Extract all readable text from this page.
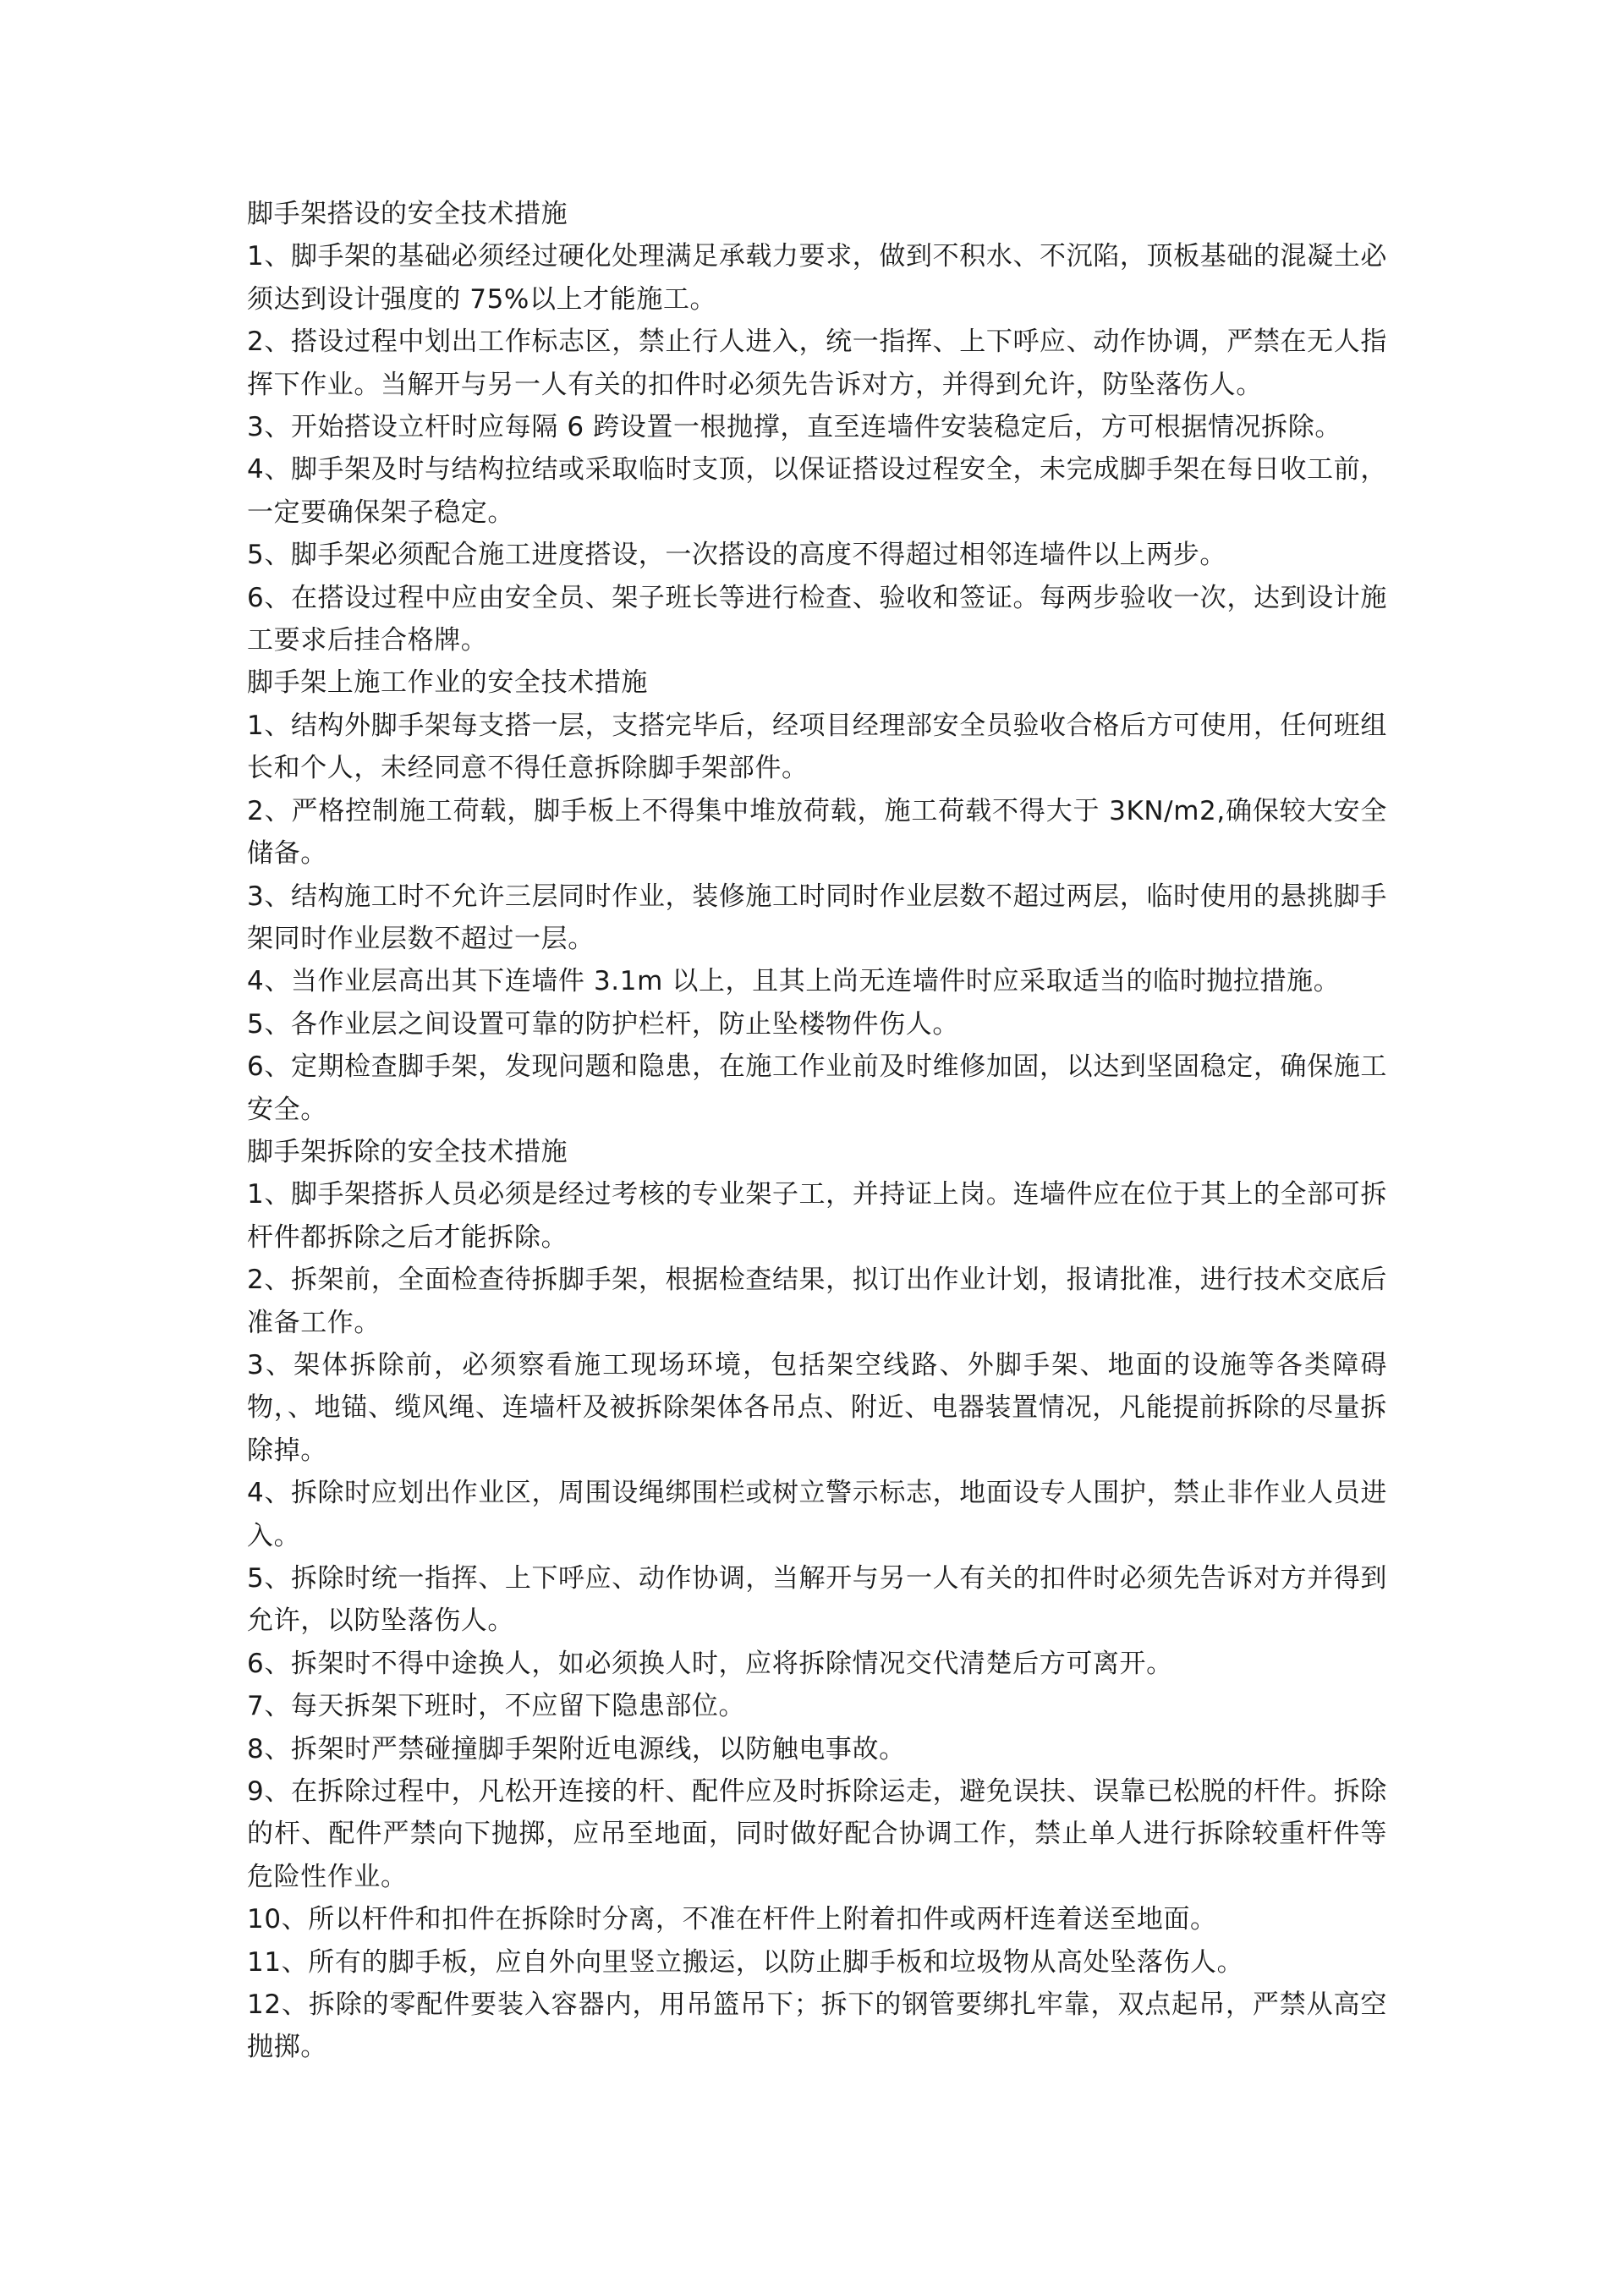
脚手架搭设的安全技术措施

1、脚手架的基础必须经过硬化处理满足承载力要求，做到不积水、不沉陷，顶板基础的混凝土必须达到设计强度的 75%以上才能施工。

2、搭设过程中划出工作标志区，禁止行人进入，统一指挥、上下呼应、动作协调，严禁在无人指挥下作业。当解开与另一人有关的扣件时必须先告诉对方，并得到允许，防坠落伤人。

3、开始搭设立杆时应每隔 6 跨设置一根抛撑，直至连墙件安装稳定后，方可根据情况拆除。

4、脚手架及时与结构拉结或采取临时支顶，以保证搭设过程安全，未完成脚手架在每日收工前，一定要确保架子稳定。

5、脚手架必须配合施工进度搭设，一次搭设的高度不得超过相邻连墙件以上两步。

6、在搭设过程中应由安全员、架子班长等进行检查、验收和签证。每两步验收一次，达到设计施工要求后挂合格牌。

脚手架上施工作业的安全技术措施

1、结构外脚手架每支搭一层，支搭完毕后，经项目经理部安全员验收合格后方可使用，任何班组长和个人，未经同意不得任意拆除脚手架部件。

2、严格控制施工荷载，脚手板上不得集中堆放荷载，施工荷载不得大于 3KN/m2,确保较大安全储备。

3、结构施工时不允许三层同时作业，装修施工时同时作业层数不超过两层，临时使用的悬挑脚手架同时作业层数不超过一层。

4、当作业层高出其下连墙件 3.1m 以上，且其上尚无连墙件时应采取适当的临时抛拉措施。

5、各作业层之间设置可靠的防护栏杆，防止坠楼物件伤人。

6、定期检查脚手架，发现问题和隐患，在施工作业前及时维修加固，以达到坚固稳定，确保施工安全。

脚手架拆除的安全技术措施

1、脚手架搭拆人员必须是经过考核的专业架子工，并持证上岗。连墙件应在位于其上的全部可拆杆件都拆除之后才能拆除。

2、拆架前，全面检查待拆脚手架，根据检查结果，拟订出作业计划，报请批准，进行技术交底后准备工作。

3、架体拆除前，必须察看施工现场环境，包括架空线路、外脚手架、地面的设施等各类障碍物，、地锚、缆风绳、连墙杆及被拆除架体各吊点、附近、电器装置情况，凡能提前拆除的尽量拆除掉。

4、拆除时应划出作业区，周围设绳绑围栏或树立警示标志，地面设专人围护，禁止非作业人员进入。

5、拆除时统一指挥、上下呼应、动作协调，当解开与另一人有关的扣件时必须先告诉对方并得到允许，以防坠落伤人。

6、拆架时不得中途换人，如必须换人时，应将拆除情况交代清楚后方可离开。

7、每天拆架下班时，不应留下隐患部位。

8、拆架时严禁碰撞脚手架附近电源线，以防触电事故。

9、在拆除过程中，凡松开连接的杆、配件应及时拆除运走，避免误扶、误靠已松脱的杆件。拆除的杆、配件严禁向下抛掷，应吊至地面，同时做好配合协调工作，禁止单人进行拆除较重杆件等危险性作业。

10、所以杆件和扣件在拆除时分离，不准在杆件上附着扣件或两杆连着送至地面。

11、所有的脚手板，应自外向里竖立搬运，以防止脚手板和垃圾物从高处坠落伤人。

12、拆除的零配件要装入容器内，用吊篮吊下；拆下的钢管要绑扎牢靠，双点起吊，严禁从高空抛掷。
